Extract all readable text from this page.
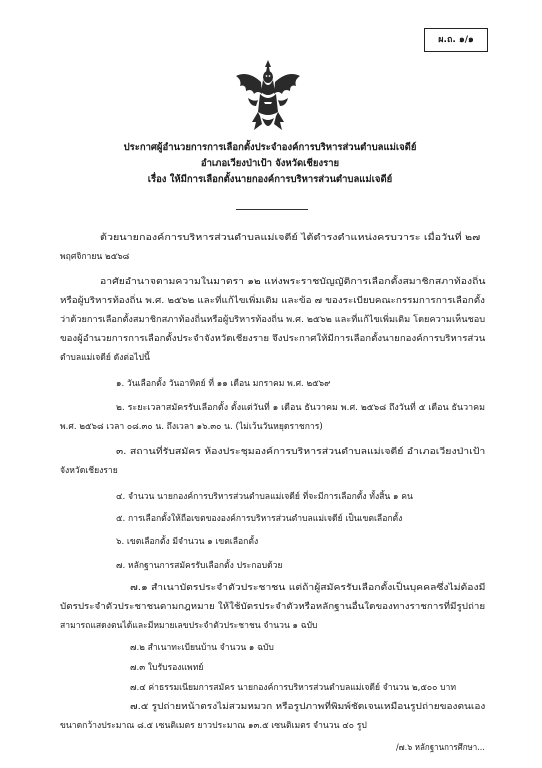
ผ.ถ. ๑/๑
ประกาศผู้อำนวยการการเลือกตั้งประจำองค์การบริหารส่วนตำบลแม่เจดีย์
อำเภอเวียงป่าเป้า จังหวัดเชียงราย
เรื่อง ให้มีการเลือกตั้งนายกองค์การบริหารส่วนตำบลแม่เจดีย์
ด้วยนายกองค์การบริหารส่วนตำบลแม่เจดีย์ ได้ดำรงตำแหน่งครบวาระ เมื่อวันที่ ๒๗
พฤศจิกายน ๒๕๖๘
อาศัยอำนาจตามความในมาตรา ๑๒ แห่งพระราชบัญญัติการเลือกตั้งสมาชิกสภาท้องถิ่น
หรือผู้บริหารท้องถิ่น พ.ศ. ๒๕๖๒ และที่แก้ไขเพิ่มเติม และข้อ ๗ ของระเบียบคณะกรรมการการเลือกตั้ง
ว่าด้วยการเลือกตั้งสมาชิกสภาท้องถิ่นหรือผู้บริหารท้องถิ่น พ.ศ. ๒๕๖๒ และที่แก้ไขเพิ่มเติม โดยความเห็นชอบ
ของผู้อำนวยการการเลือกตั้งประจำจังหวัดเชียงราย จึงประกาศให้มีการเลือกตั้งนายกองค์การบริหารส่วน
ตำบลแม่เจดีย์ ดังต่อไปนี้
๑. วันเลือกตั้ง วันอาทิตย์ ที่ ๑๑ เดือน มกราคม พ.ศ. ๒๕๖๙
๒. ระยะเวลาสมัครรับเลือกตั้ง ตั้งแต่วันที่ ๑ เดือน ธันวาคม พ.ศ. ๒๕๖๘ ถึงวันที่ ๕ เดือน ธันวาคม
พ.ศ. ๒๕๖๘ เวลา ๐๘.๓๐ น. ถึงเวลา ๑๖.๓๐ น. (ไม่เว้นวันหยุดราชการ)
๓. สถานที่รับสมัคร ห้องประชุมองค์การบริหารส่วนตำบลแม่เจดีย์ อำเภอเวียงป่าเป้า
จังหวัดเชียงราย
๔. จำนวน นายกองค์การบริหารส่วนตำบลแม่เจดีย์ ที่จะมีการเลือกตั้ง ทั้งสิ้น ๑ คน
๕. การเลือกตั้งให้ถือเขตขององค์การบริหารส่วนตำบลแม่เจดีย์ เป็นเขตเลือกตั้ง
๖. เขตเลือกตั้ง มีจำนวน ๑ เขตเลือกตั้ง
๗. หลักฐานการสมัครรับเลือกตั้ง ประกอบด้วย
๗.๑ สำเนาบัตรประจำตัวประชาชน แต่ถ้าผู้สมัครรับเลือกตั้งเป็นบุคคลซึ่งไม่ต้องมี
บัตรประจำตัวประชาชนตามกฎหมาย ให้ใช้บัตรประจำตัวหรือหลักฐานอื่นใดของทางราชการที่มีรูปถ่าย
สามารถแสดงตนได้และมีหมายเลขประจำตัวประชาชน จำนวน ๑ ฉบับ
๗.๒ สำเนาทะเบียนบ้าน จำนวน ๑ ฉบับ
๗.๓ ใบรับรองแพทย์
๗.๔ ค่าธรรมเนียมการสมัคร นายกองค์การบริหารส่วนตำบลแม่เจดีย์ จำนวน ๒,๕๐๐ บาท
๗.๕ รูปถ่ายหน้าตรงไม่สวมหมวก หรือรูปภาพที่พิมพ์ชัดเจนเหมือนรูปถ่ายของตนเอง
ขนาดกว้างประมาณ ๘.๕ เซนติเมตร ยาวประมาณ ๑๓.๕ เซนติเมตร จำนวน ๔๐ รูป
/๗.๖ หลักฐานการศึกษา...
